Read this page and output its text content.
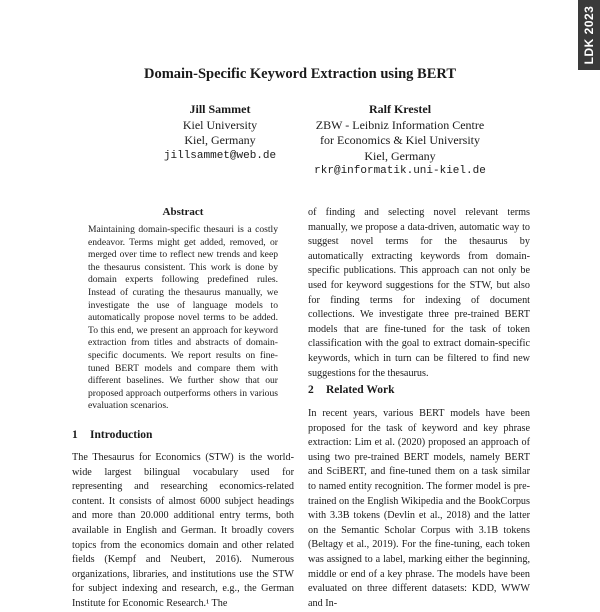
LDK 2023
Domain-Specific Keyword Extraction using BERT
Jill Sammet
Kiel University
Kiel, Germany
jillsammet@web.de
Ralf Krestel
ZBW - Leibniz Information Centre
for Economics & Kiel University
Kiel, Germany
rkr@informatik.uni-kiel.de
Abstract

Maintaining domain-specific thesauri is a costly endeavor. Terms might get added, removed, or merged over time to reflect new trends and keep the thesaurus consistent. This work is done by domain experts following predefined rules. Instead of curating the thesaurus manually, we investigate the use of language models to automatically propose novel terms to be added. To this end, we present an approach for keyword extraction from titles and abstracts of domain-specific documents. We report results on fine-tuned BERT models and compare them with different baselines. We further show that our proposed approach outperforms others in various evaluation scenarios.

1 Introduction

The Thesaurus for Economics (STW) is the world-wide largest bilingual vocabulary used for representing and researching economics-related content. It consists of almost 6000 subject headings and more than 20.000 additional entry terms, both available in English and German. It broadly covers topics from the economics domain and other related fields (Kempf and Neubert, 2016). Numerous organizations, libraries, and institutions use the STW for subject indexing and research, e.g., the German Institute for Economic Research.¹ The

of finding and selecting novel relevant terms manually, we propose a data-driven, automatic way to suggest novel terms for the thesaurus by automatically extracting keywords from domain-specific publications. This approach can not only be used for keyword suggestions for the STW, but also for finding terms for indexing of document collections. We investigate three pre-trained BERT models that are fine-tuned for the task of token classification with the goal to extract domain-specific keywords, which in turn can be filtered to find new suggestions for the thesaurus.

2 Related Work

In recent years, various BERT models have been proposed for the task of keyword and key phrase extraction: Lim et al. (2020) proposed an approach of using two pre-trained BERT models, namely BERT and SciBERT, and fine-tuned them on a task similar to named entity recognition. The former model is pre-trained on the English Wikipedia and the BookCorpus with 3.3B tokens (Devlin et al., 2018) and the latter on the Semantic Scholar Corpus with 3.1B tokens (Beltagy et al., 2019). For the fine-tuning, each token was assigned to a label, marking either the beginning, middle or end of a key phrase. The models have been evaluated on three different datasets: KDD, WWW and In-
